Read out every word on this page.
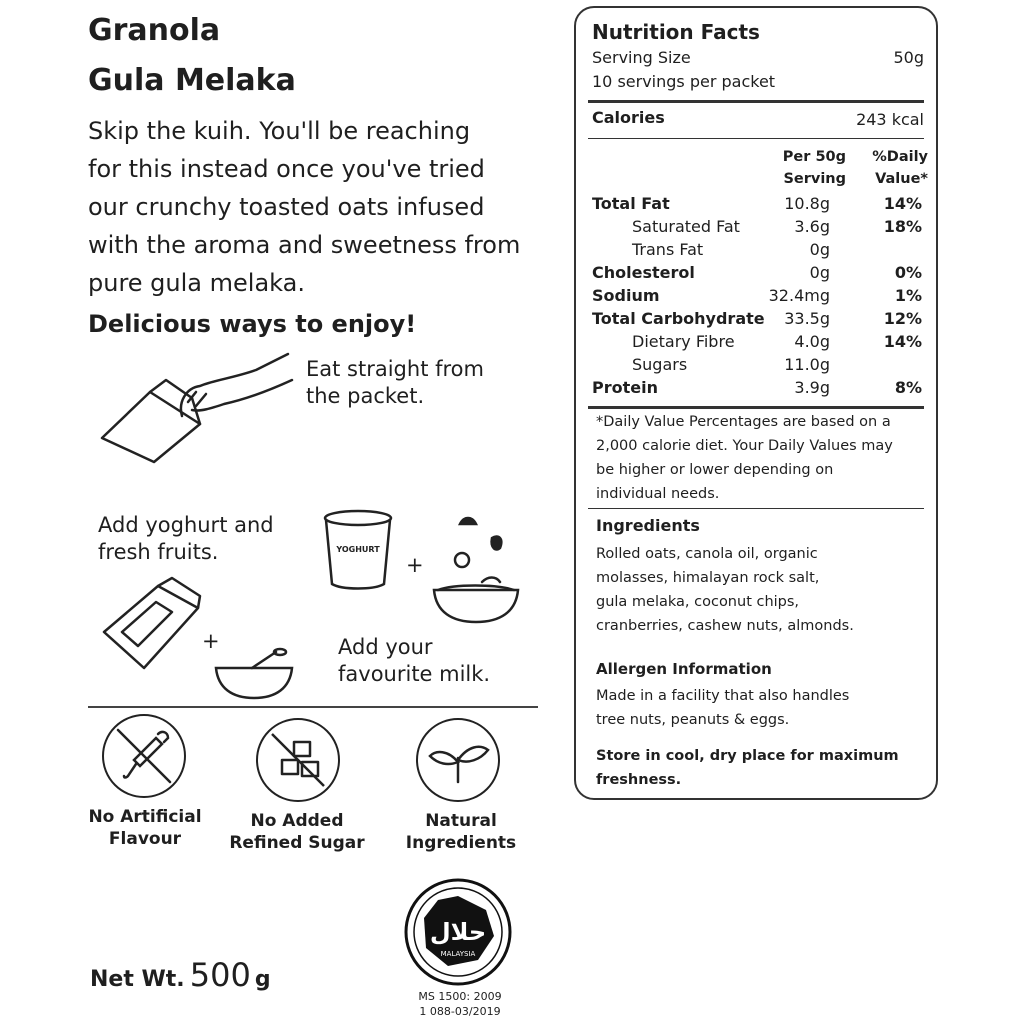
Granola
Gula Melaka
Skip the kuih. You'll be reaching
for this instead once you've tried
our crunchy toasted oats infused
with the aroma and sweetness from
pure gula melaka.
Delicious ways to enjoy!
Eat straight from
the packet.
Add yoghurt and
fresh fruits.	YOGHURT
+
+	Add your
favourite milk.
No Artificial
Flavour
No Added
Refined Sugar
Natural
Ingredients
Net Wt. 500 g
حلال
MALAYSIA
MS 1500: 2009
1 088-03/2019
Nutrition Facts
Serving Size	50g
10 servings per packet
Calories	243 kcal
Per 50g
Serving
%Daily
Value*
Total Fat	10.8g	14%
Saturated Fat	3.6g	18%
Trans Fat	0g
Cholesterol	0g	0%
Sodium	32.4mg	1%
Total Carbohydrate 33.5g	12%
Dietary Fibre	4.0g	14%
Sugars	11.0g
Protein	3.9g	8%
*Daily Value Percentages are based on a
2,000 calorie diet. Your Daily Values may
be higher or lower depending on
individual needs.
Ingredients
Rolled oats, canola oil, organic
molasses, himalayan rock salt,
gula melaka, coconut chips,
cranberries, cashew nuts, almonds.
Allergen Information
Made in a facility that also handles
tree nuts, peanuts & eggs.
Store in cool, dry place for maximum
freshness.
